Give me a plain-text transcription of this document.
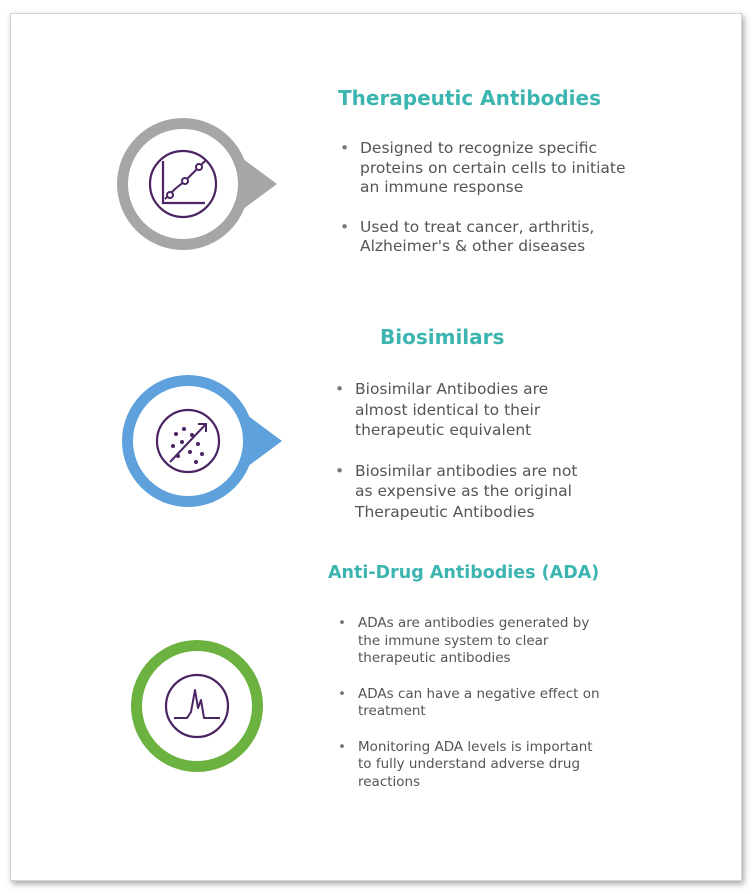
Therapeutic Antibodies
• Designed to recognize specific
proteins on certain cells to initiate
an immune response
• Used to treat cancer, arthritis,
Alzheimer's & other diseases
Biosimilars
• Biosimilar Antibodies are
almost identical to their
therapeutic equivalent
• Biosimilar antibodies are not
as expensive as the original
Therapeutic Antibodies
Anti-Drug Antibodies (ADA)
• ADAs are antibodies generated by
the immune system to clear
therapeutic antibodies
• ADAs can have a negative effect on
treatment
• Monitoring ADA levels is important
to fully understand adverse drug
reactions
